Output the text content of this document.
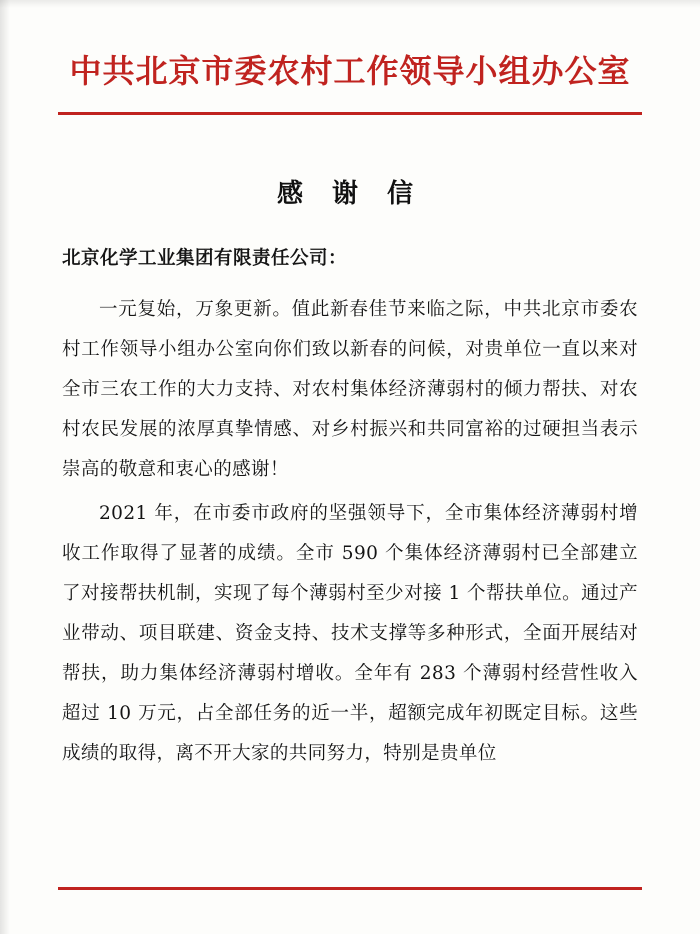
中共北京市委农村工作领导小组办公室
感 谢 信
北京化学工业集团有限责任公司：

一元复始，万象更新。值此新春佳节来临之际，中共北京市委农村工作领导小组办公室向你们致以新春的问候，对贵单位一直以来对全市三农工作的大力支持、对农村集体经济薄弱村的倾力帮扶、对农村农民发展的浓厚真挚情感、对乡村振兴和共同富裕的过硬担当表示崇高的敬意和衷心的感谢！

2021 年，在市委市政府的坚强领导下，全市集体经济薄弱村增收工作取得了显著的成绩。全市 590 个集体经济薄弱村已全部建立了对接帮扶机制，实现了每个薄弱村至少对接 1 个帮扶单位。通过产业带动、项目联建、资金支持、技术支撑等多种形式，全面开展结对帮扶，助力集体经济薄弱村增收。全年有 283 个薄弱村经营性收入超过 10 万元，占全部任务的近一半，超额完成年初既定目标。这些成绩的取得，离不开大家的共同努力，特别是贵单位
